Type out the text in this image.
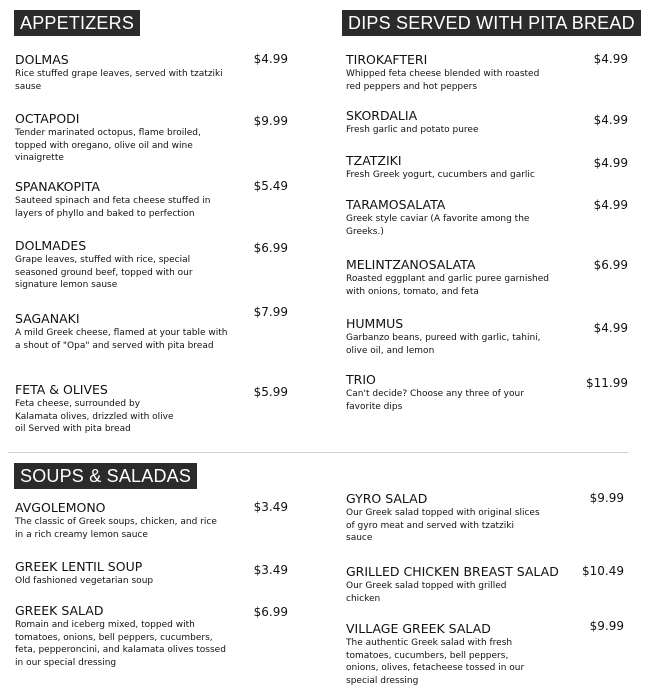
APPETIZERS	DIPS SERVED WITH PITA BREAD
SOUPS & SALADAS
DOLMAS
Rice stuffed grape leaves, served with tzatziki sause
$4.99
OCTAPODI
Tender marinated octopus, flame broiled, topped with oregano, olive oil and wine vinaigrette
$9.99
SPANAKOPITA
Sauteed spinach and feta cheese stuffed in layers of phyllo and baked to perfection
$5.49
DOLMADES
Grape leaves, stuffed with rice, special seasoned ground beef, topped with our signature lemon sause
$6.99
SAGANAKI
A mild Greek cheese, flamed at your table with a shout of "Opa" and served with pita bread
$7.99
FETA & OLIVES
Feta cheese, surrounded by Kalamata olives, drizzled with olive oil Served with pita bread
$5.99
TIROKAFTERI
Whipped feta cheese blended with roasted red peppers and hot peppers
$4.99
SKORDALIA
Fresh garlic and potato puree
$4.99
TZATZIKI
Fresh Greek yogurt, cucumbers and garlic
$4.99
TARAMOSALATA
Greek style caviar (A favorite among the Greeks.)
$4.99
MELINTZANOSALATA
Roasted eggplant and garlic puree garnished with onions, tomato, and feta
$6.99
HUMMUS
Garbanzo beans, pureed with garlic, tahini, olive oil, and lemon
$4.99
TRIO
Can't decide? Choose any three of your favorite dips
$11.99
AVGOLEMONO
The classic of Greek soups, chicken, and rice in a rich creamy lemon sauce
$3.49
GREEK LENTIL SOUP
Old fashioned vegetarian soup
$3.49
GREEK SALAD
Romain and iceberg mixed, topped with tomatoes, onions, bell peppers, cucumbers, feta, pepperoncini, and kalamata olives tossed in our special dressing
$6.99
GYRO SALAD
Our Greek salad topped with original slices of gyro meat and served with tzatziki sauce
$9.99
GRILLED CHICKEN BREAST SALAD
Our Greek salad topped with grilled chicken
$10.49
VILLAGE GREEK SALAD
The authentic Greek salad with fresh tomatoes, cucumbers, bell peppers, onions, olives, fetacheese tossed in our special dressing
$9.99
